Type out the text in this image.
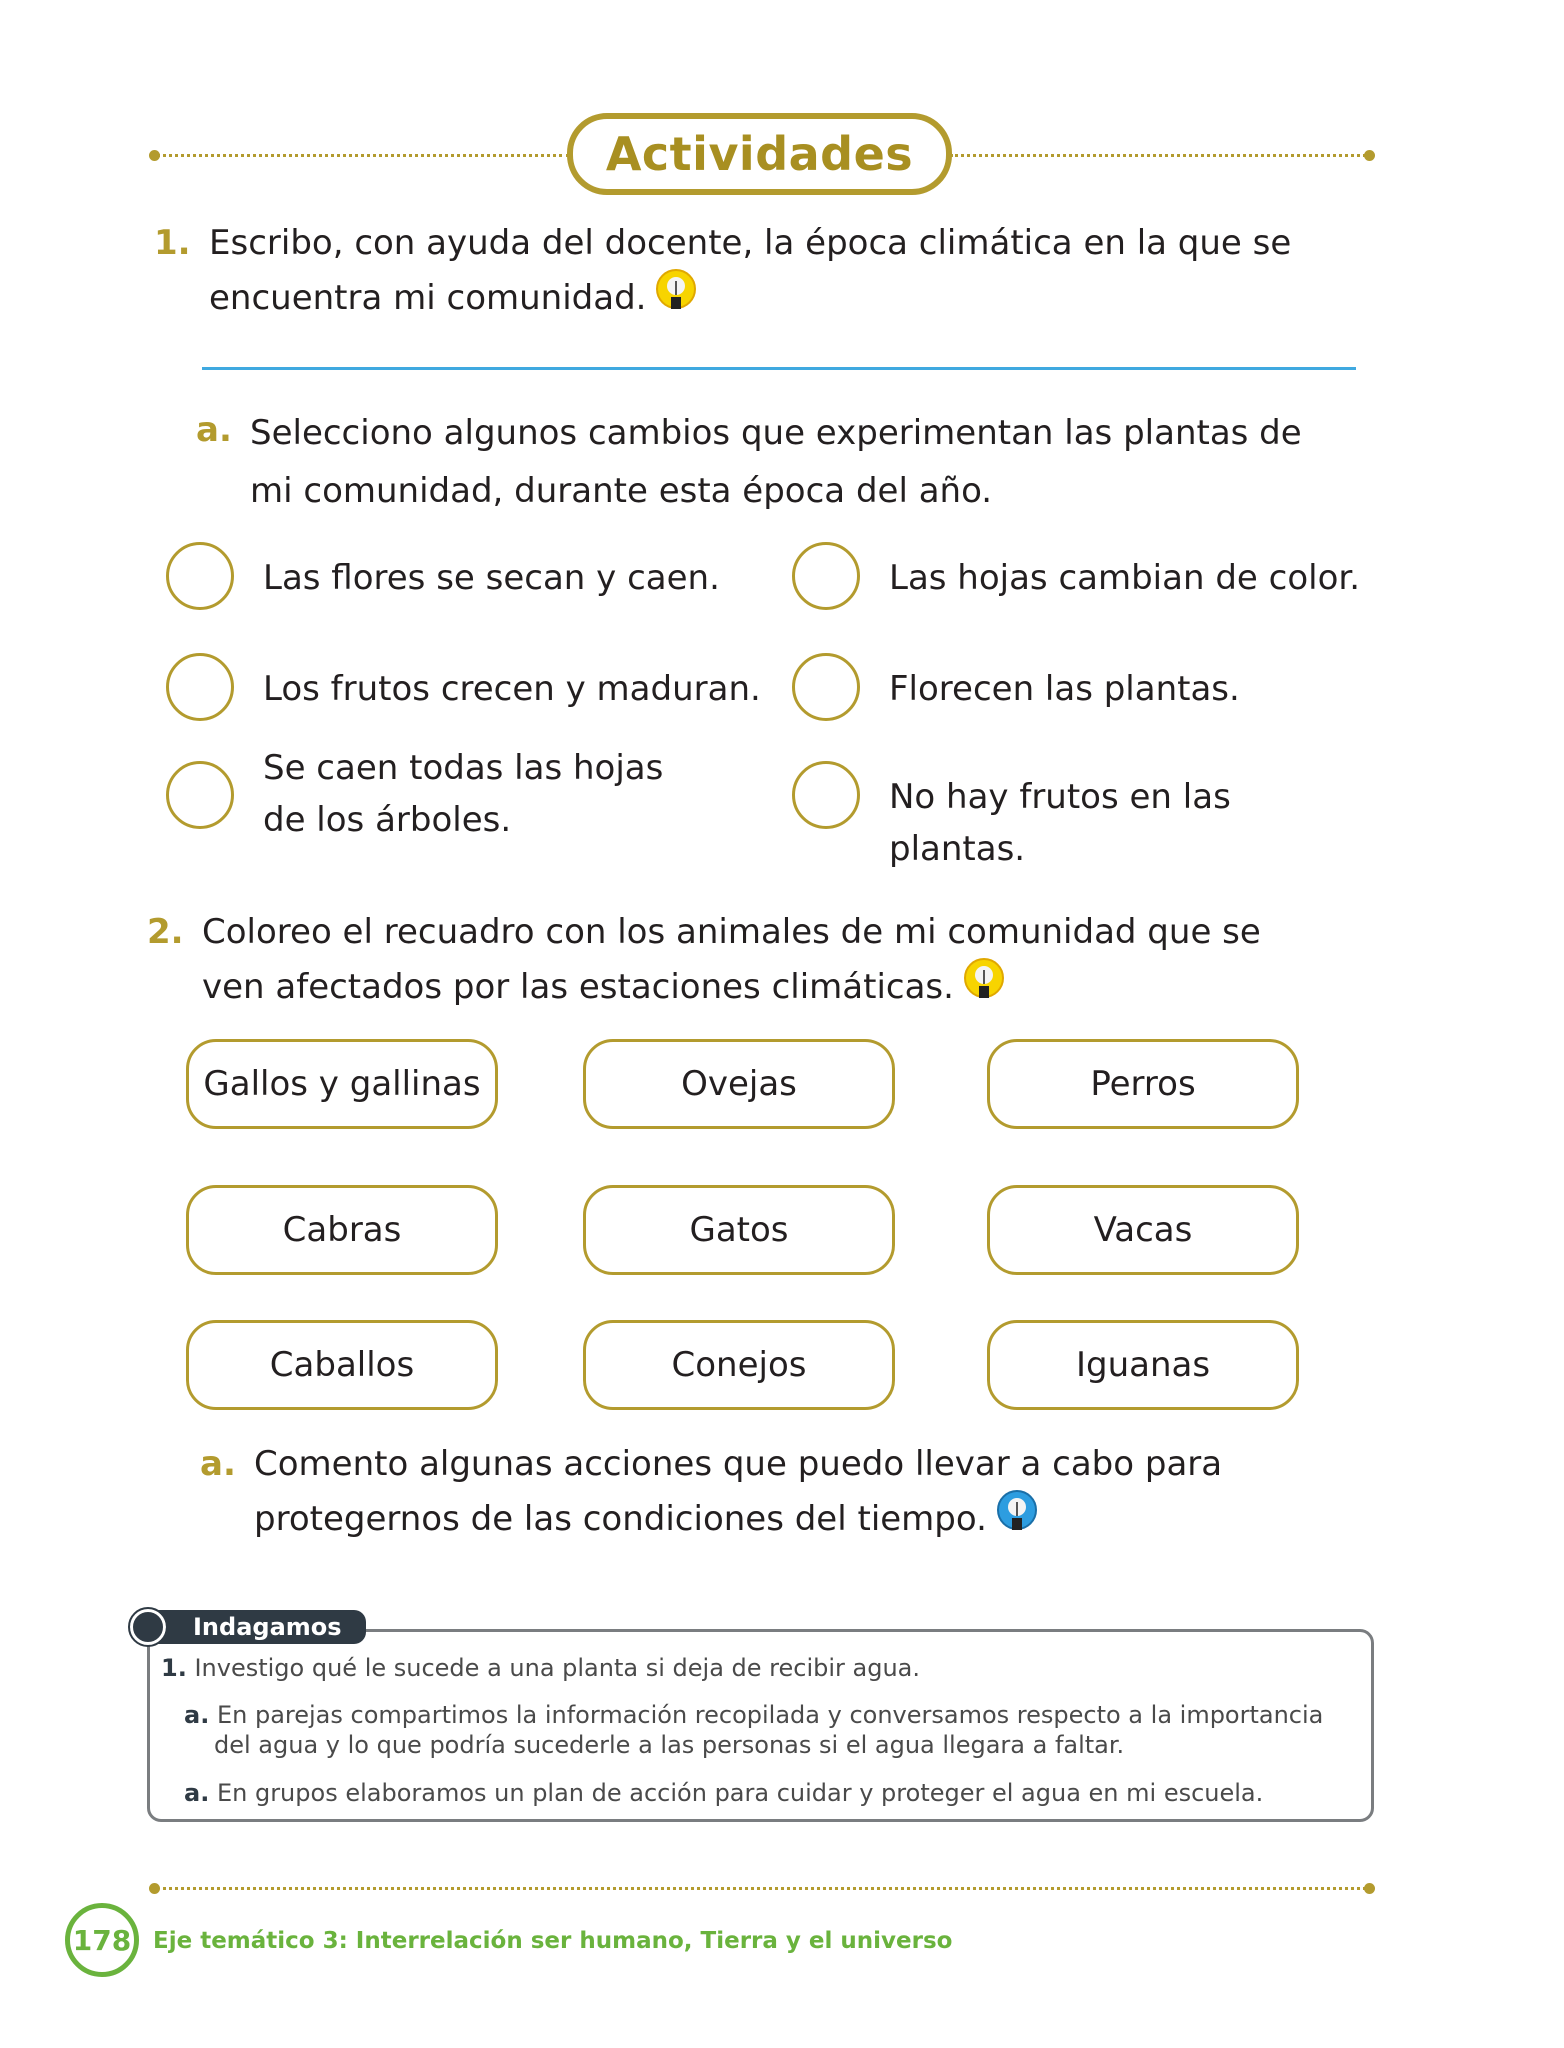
Actividades
1. Escribo, con ayuda del docente, la época climática en la que se
encuentra mi comunidad.
a. Selecciono algunos cambios que experimentan las plantas de
mi comunidad, durante esta época del año.
Las flores se secan y caen.	Las hojas cambian de color.
Los frutos crecen y maduran.	Florecen las plantas.
Se caen todas las hojas
de los árboles.
No hay frutos en las
plantas.
2. Coloreo el recuadro con los animales de mi comunidad que se
ven afectados por las estaciones climáticas.
Gallos y gallinas	Ovejas	Perros
Cabras	Gatos	Vacas
Caballos	Conejos	Iguanas
a. Comento algunas acciones que puedo llevar a cabo para
protegernos de las condiciones del tiempo.
Indagamos
1. Investigo qué le sucede a una planta si deja de recibir agua.
a. En parejas compartimos la información recopilada y conversamos respecto a la importancia
del agua y lo que podría sucederle a las personas si el agua llegara a faltar.
a. En grupos elaboramos un plan de acción para cuidar y proteger el agua en mi escuela.
178 Eje temático 3: Interrelación ser humano, Tierra y el universo
